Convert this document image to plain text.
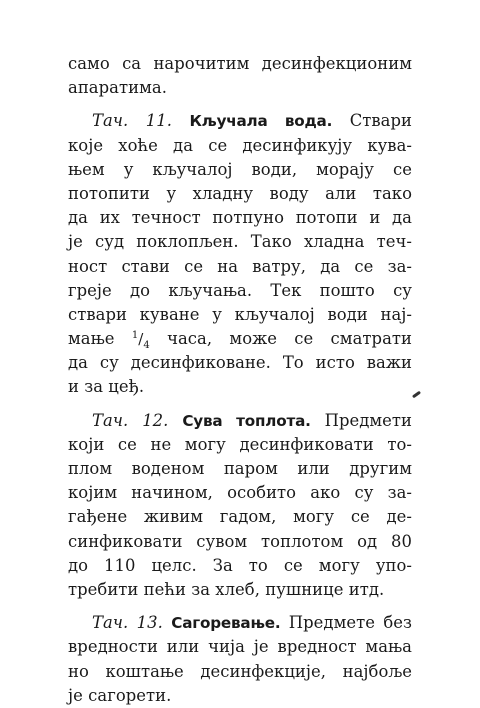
само са нарочитим десинфекционим
апаратима.
Тач. 11. Кључала вода. Ствари
које хоће да се десинфикују кува-
њем у кључалој води, морају се
потопити у хладну воду али тако
да их течност потпуно потопи и да
је суд поклопљен. Тако хладна теч-
ност стави се на ватру, да се за-
греје до кључања. Тек пошто су
ствари куване у кључалој води нај-
мање $^1/_4$ часа, може се сматрати
да су десинфиковане. То исто важи
и за цеђ.
Тач. 12. Сува топлота. Предмети
који се не могу десинфиковати то-
плом воденом паром или другим
којим начином, особито ако су за-
гађене живим гадом, могу се де-
синфиковати сувом топлотом од 80
до 110 целс. За то се могу упо-
требити пећи за хлеб, пушнице итд.
Тач. 13. Сагоревање. Предмете без
вредности или чија је вредност мања
но коштање десинфекције, најбоље
је сагорети.
